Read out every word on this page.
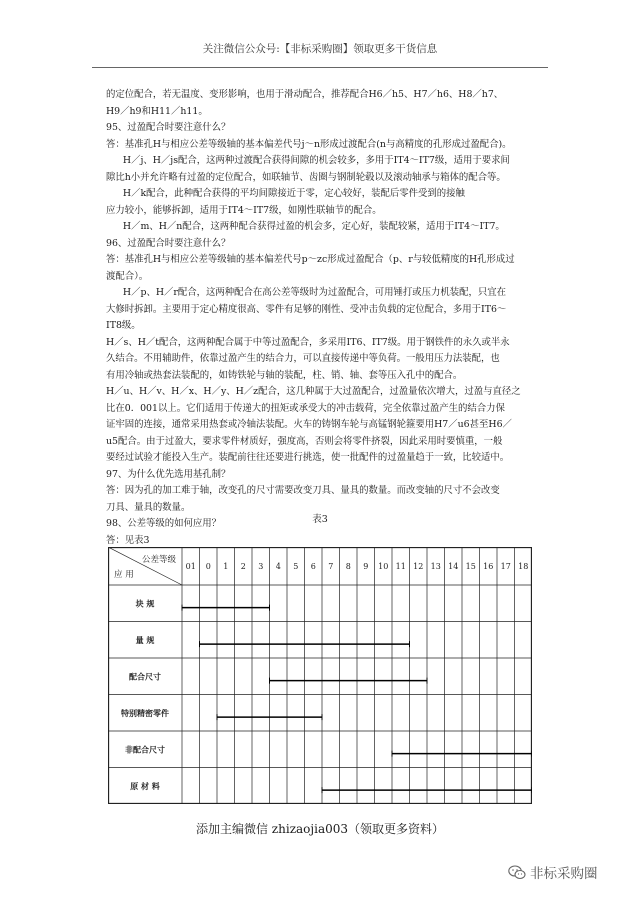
关注微信公众号:【非标采购圈】领取更多干货信息

的定位配合，若无温度、变形影响，也用于滑动配合，推荐配合H6／h5、H7／h6、H8／h7、

H9／h9和H11／h11。

95、过盈配合时要注意什么？

答：基准孔H与相应公差等级轴的基本偏差代号j～n形成过渡配合(n与高精度的孔形成过盈配合)。

H／j、H／js配合，这两种过渡配合获得间隙的机会较多，多用于IT4～IT7级，适用于要求间

隙比h小并允许略有过盈的定位配合，如联轴节、齿圈与钢制轮毂以及滚动轴承与箱体的配合等。

H／k配合，此种配合获得的平均间隙接近于零，定心较好，装配后零件受到的接触

应力较小，能够拆卸，适用于IT4～IT7级，如刚性联轴节的配合。

H／m、H／n配合，这两种配合获得过盈的机会多，定心好，装配较紧，适用于IT4～IT7。

96、过盈配合时要注意什么？

答：基准孔H与相应公差等级轴的基本偏差代号p～zc形成过盈配合（p、r与较低精度的H孔形成过

渡配合）。

H／p、H／r配合，这两种配合在高公差等级时为过盈配合，可用锤打或压力机装配，只宜在

大修时拆卸。主要用于定心精度很高、零件有足够的刚性、受冲击负载的定位配合，多用于IT6～

IT8级。

H／s、H／t配合，这两种配合属于中等过盈配合，多采用IT6、IT7级。用于钢铁件的永久或半永

久结合。不用辅助件，依靠过盈产生的结合力，可以直接传递中等负荷。一般用压力法装配，也

有用冷轴或热套法装配的，如铸铁轮与轴的装配，柱、销、轴、套等压入孔中的配合。

H／u、H／v、H／x、H／y、H／z配合，这几种属于大过盈配合，过盈量依次增大，过盈与直径之

比在0．001以上。它们适用于传递大的扭矩或承受大的冲击载荷，完全依靠过盈产生的结合力保

证牢固的连接，通常采用热套或冷轴法装配。火车的铸钢车轮与高锰钢轮箍要用H7／u6甚至H6／

u5配合。由于过盈大，要求零件材质好，强度高，否则会将零件挤裂，因此采用时要慎重，一般

要经过试验才能投入生产。装配前往往还要进行挑选，使一批配件的过盈量趋于一致，比较适中。

97、为什么优先选用基孔制？

答：因为孔的加工难于轴，改变孔的尺寸需要改变刀具、量具的数量。而改变轴的尺寸不会改变

刀具、量具的数量。

98、公差等级的如何应用？

答：见表3

表3
公差等级
应 用
01 0 1 2 3 4 5 6 7 8 9 10 11 12 13 14 15 16 17 18
块 规
量 规
配合尺寸
特别精密零件
非配合尺寸
原 材 料
添加主编微信 zhizaojia003（领取更多资料）
非标采购圈
